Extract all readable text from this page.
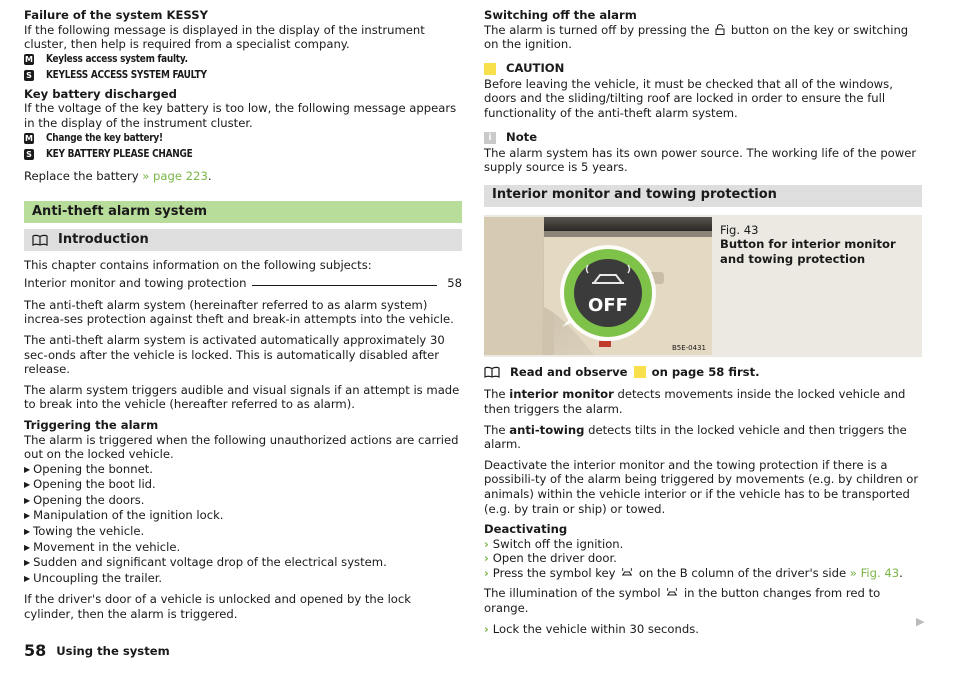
Failure of the system KESSY

If the following message is displayed in the display of the instrument cluster, then help is required from a specialist company.

M Keyless access system faulty.
S KEYLESS ACCESS SYSTEM FAULTY

Key battery discharged

If the voltage of the key battery is too low, the following message appears in the display of the instrument cluster.

M Change the key battery!
S KEY BATTERY PLEASE CHANGE

Replace the battery » page 223.

Anti-theft alarm system
Introduction

This chapter contains information on the following subjects:

Interior monitor and towing protection	58

The anti-theft alarm system (hereinafter referred to as alarm system) increa-ses protection against theft and break-in attempts into the vehicle.

The anti-theft alarm system is activated automatically approximately 30 sec-onds after the vehicle is locked. This is automatically disabled after release.

The alarm system triggers audible and visual signals if an attempt is made to break into the vehicle (hereafter referred to as alarm).

Triggering the alarm

The alarm is triggered when the following unauthorized actions are carried out on the locked vehicle.

▶ Opening the bonnet.

▶ Opening the boot lid.

▶ Opening the doors.

▶ Manipulation of the ignition lock.

▶ Towing the vehicle.

▶ Movement in the vehicle.

▶ Sudden and significant voltage drop of the electrical system.

▶ Uncoupling the trailer.

If the driver's door of a vehicle is unlocked and opened by the lock cylinder, then the alarm is triggered.

Switching off the alarm

The alarm is turned off by pressing the button on the key or switching on the ignition.

CAUTION

Before leaving the vehicle, it must be checked that all of the windows, doors and the sliding/tilting roof are locked in order to ensure the full functionality of the anti-theft alarm system.

i	Note

The alarm system has its own power source. The working life of the power supply source is 5 years.

Interior monitor and towing protection
OFF
B5E-0431

Fig. 43

Button for interior monitor and towing protection

Read and observe on page 58 first.

The interior monitor detects movements inside the locked vehicle and then triggers the alarm.

The anti-towing detects tilts in the locked vehicle and then triggers the alarm.

Deactivate the interior monitor and the towing protection if there is a possibili-ty of the alarm being triggered by movements (e.g. by children or animals) within the vehicle interior or if the vehicle has to be transported (e.g. by train or ship) or towed.

Deactivating

› Switch off the ignition.

› Open the driver door.

› Press the symbol key on the B column of the driver's side » Fig. 43.

The illumination of the symbol in the button changes from red to orange.

› Lock the vehicle within 30 seconds.

▶
58 Using the system
